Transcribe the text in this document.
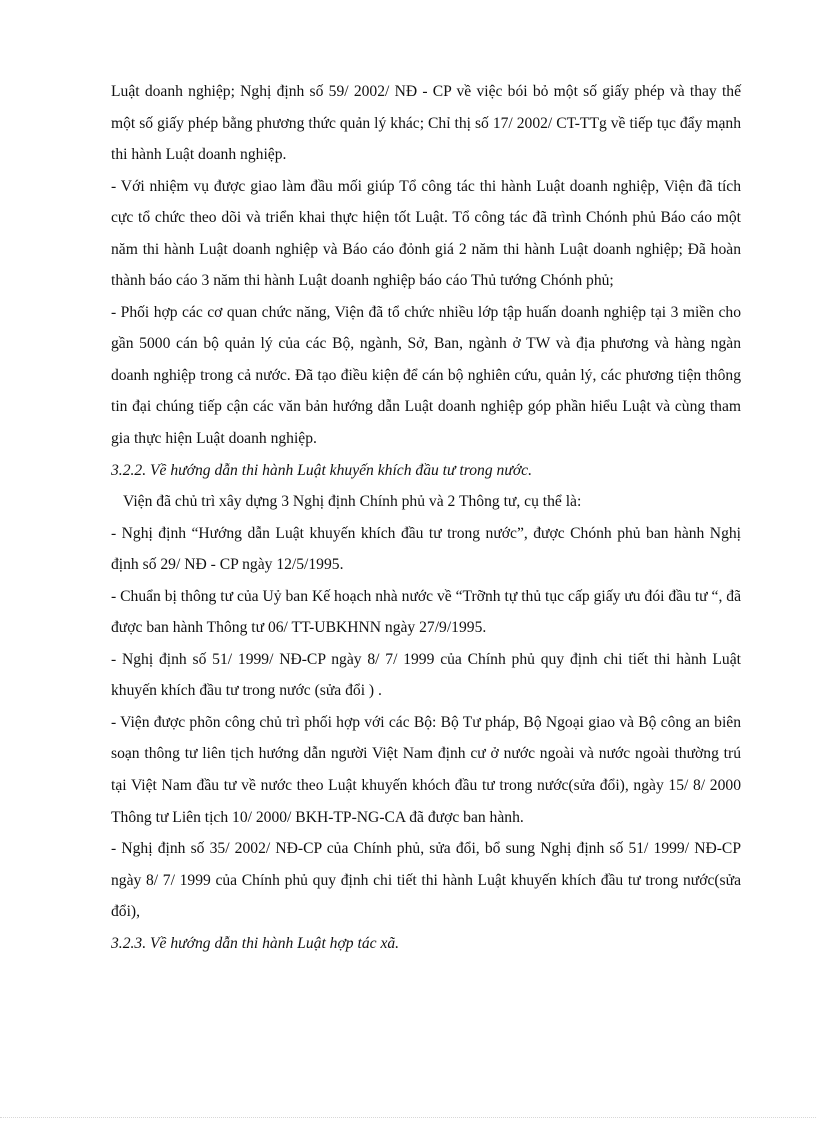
Luật doanh nghiệp; Nghị định số 59/ 2002/ NĐ - CP về việc bói bỏ một số giấy phép và thay thế một số giấy phép bằng phương thức quản lý khác; Chỉ thị số 17/ 2002/ CT-TTg về tiếp tục đẩy mạnh thi hành Luật doanh nghiệp.

- Với nhiệm vụ được giao làm đầu mối giúp Tổ công tác thi hành Luật doanh nghiệp, Viện đã tích cực tổ chức theo dõi và triển khai thực hiện tốt Luật. Tổ công tác đã trình Chónh phủ Báo cáo một năm thi hành Luật doanh nghiệp và Báo cáo đỏnh giá 2 năm thi hành Luật doanh nghiệp; Đã hoàn thành báo cáo 3 năm thi hành Luật doanh nghiệp báo cáo Thủ tướng Chónh phủ;

- Phối hợp các cơ quan chức năng, Viện đã tổ chức nhiều lớp tập huấn doanh nghiệp tại 3 miền cho gần 5000 cán bộ quản lý của các Bộ, ngành, Sở, Ban, ngành ở TW và địa phương và hàng ngàn doanh nghiệp trong cả nước. Đã tạo điều kiện để cán bộ nghiên cứu, quản lý, các phương tiện thông tin đại chúng tiếp cận các văn bản hướng dẫn Luật doanh nghiệp góp phần hiểu Luật và cùng tham gia thực hiện Luật doanh nghiệp.

3.2.2. Về hướng dẫn thi hành Luật khuyến khích đầu tư trong nước.

Viện đã chủ trì xây dựng 3 Nghị định Chính phủ và 2 Thông tư, cụ thể là:

- Nghị định “Hướng dẫn Luật khuyến khích đầu tư trong nước”, được Chónh phủ ban hành Nghị định số 29/ NĐ - CP ngày 12/5/1995.

- Chuẩn bị thông tư của Uỷ ban Kế hoạch nhà nước về “Trỡnh tự thủ tục cấp giấy ưu đói đầu tư “, đã được ban hành Thông tư 06/ TT-UBKHNN ngày 27/9/1995.

- Nghị định số 51/ 1999/ NĐ-CP ngày 8/ 7/ 1999 của Chính phủ quy định chi tiết thi hành Luật khuyến khích đầu tư trong nước (sửa đổi ) .

- Viện được phõn công chủ trì phối hợp với các Bộ: Bộ Tư pháp, Bộ Ngoại giao và Bộ công an biên soạn thông tư liên tịch hướng dẫn người Việt Nam định cư ở nước ngoài và nước ngoài thường trú tại Việt Nam đầu tư về nước theo Luật khuyến khóch đầu tư trong nước(sửa đổi), ngày 15/ 8/ 2000 Thông tư Liên tịch 10/ 2000/ BKH-TP-NG-CA đã được ban hành.

- Nghị định số 35/ 2002/ NĐ-CP của Chính phủ, sửa đổi, bổ sung Nghị định số 51/ 1999/ NĐ-CP ngày 8/ 7/ 1999 của Chính phủ quy định chi tiết thi hành Luật khuyến khích đầu tư trong nước(sửa đổi),

3.2.3. Về hướng dẫn thi hành Luật hợp tác xã.
